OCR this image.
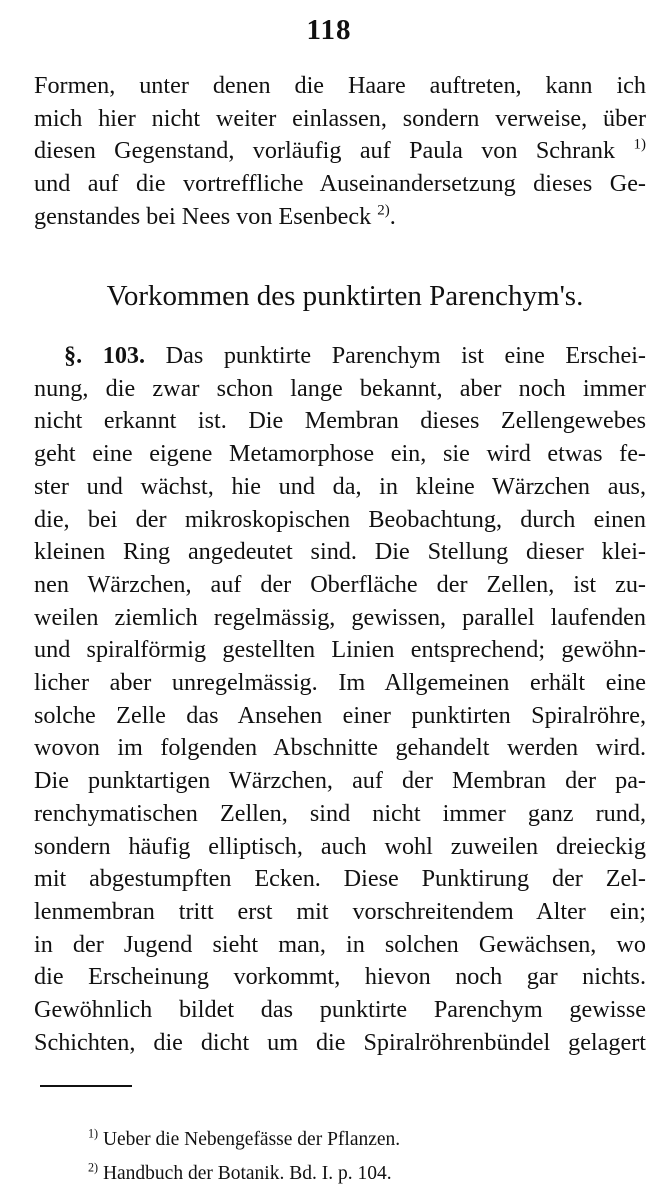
118
Formen, unter denen die Haare auftreten, kann ich
mich hier nicht weiter einlassen, sondern verweise, über
diesen Gegenstand, vorläufig auf Paula von Schrank $^{1)}$
und auf die vortreffliche Auseinandersetzung dieses Ge-
genstandes bei Nees von Esenbeck $^{2)}$.
Vorkommen des punktirten Parenchym's.
§. 103. Das punktirte Parenchym ist eine Erschei-
nung, die zwar schon lange bekannt, aber noch immer
nicht erkannt ist. Die Membran dieses Zellengewebes
geht eine eigene Metamorphose ein, sie wird etwas fe-
ster und wächst, hie und da, in kleine Wärzchen aus,
die, bei der mikroskopischen Beobachtung, durch einen
kleinen Ring angedeutet sind. Die Stellung dieser klei-
nen Wärzchen, auf der Oberfläche der Zellen, ist zu-
weilen ziemlich regelmässig, gewissen, parallel laufenden
und spiralförmig gestellten Linien entsprechend; gewöhn-
licher aber unregelmässig. Im Allgemeinen erhält eine
solche Zelle das Ansehen einer punktirten Spiralröhre,
wovon im folgenden Abschnitte gehandelt werden wird.
Die punktartigen Wärzchen, auf der Membran der pa-
renchymatischen Zellen, sind nicht immer ganz rund,
sondern häufig elliptisch, auch wohl zuweilen dreieckig
mit abgestumpften Ecken. Diese Punktirung der Zel-
lenmembran tritt erst mit vorschreitendem Alter ein;
in der Jugend sieht man, in solchen Gewächsen, wo
die Erscheinung vorkommt, hievon noch gar nichts.
Gewöhnlich bildet das punktirte Parenchym gewisse
Schichten, die dicht um die Spiralröhrenbündel gelagert
$^{1)}$ Ueber die Nebengefässe der Pflanzen.
$^{2)}$ Handbuch der Botanik. Bd. I. p. 104.
